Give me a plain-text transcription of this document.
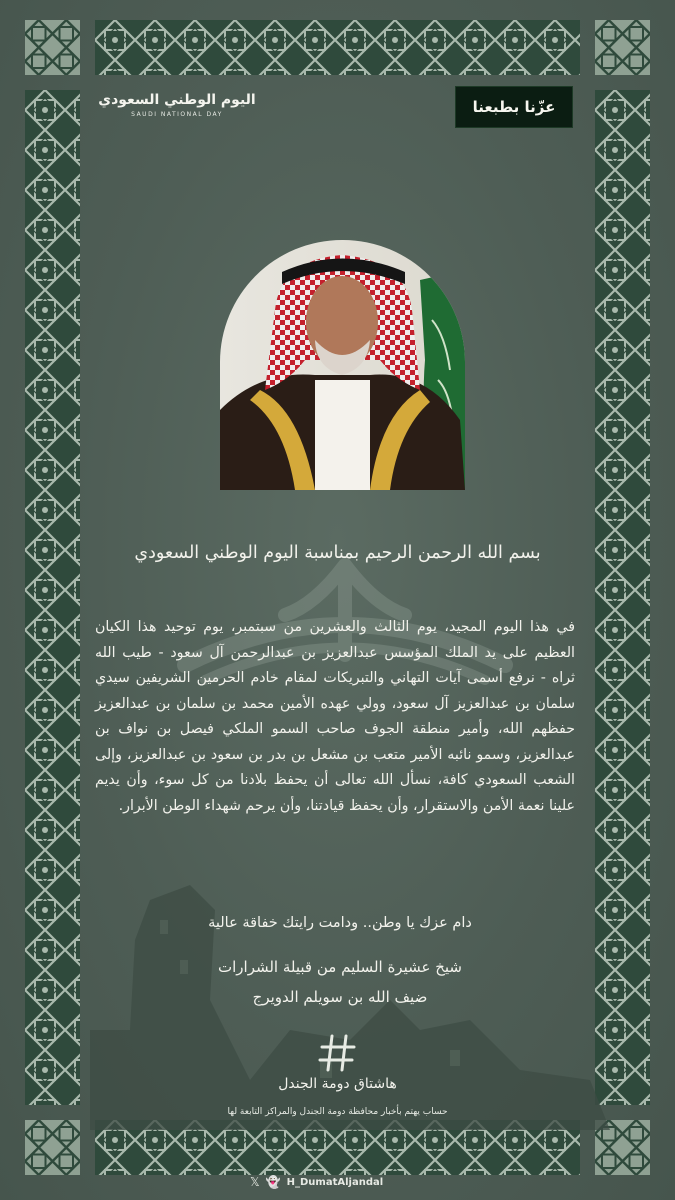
اليوم الوطني السعودي
SAUDI NATIONAL DAY	عزّنا بطبعنا
بسم الله الرحمن الرحيم بمناسبة اليوم الوطني السعودي
في هذا اليوم المجيد، يوم الثالث والعشرين من سبتمبر، يوم توحيد هذا الكيان العظيم على يد الملك المؤسس عبدالعزيز بن عبدالرحمن آل سعود - طيب الله ثراه - نرفع أسمى آيات التهاني والتبريكات لمقام خادم الحرمين الشريفين سيدي سلمان بن عبدالعزيز آل سعود، وولي عهده الأمين محمد بن سلمان بن عبدالعزيز حفظهم الله، وأمير منطقة الجوف صاحب السمو الملكي فيصل بن نواف بن عبدالعزيز، وسمو نائبه الأمير متعب بن مشعل بن بدر بن سعود بن عبدالعزيز، وإلى الشعب السعودي كافة، نسأل الله تعالى أن يحفظ بلادنا من كل سوء، وأن يديم علينا نعمة الأمن والاستقرار، وأن يحفظ قيادتنا، وأن يرحم شهداء الوطن الأبرار.
دام عزك يا وطن.. ودامت رايتك خفاقة عالية
شيخ عشيرة السليم من قبيلة الشرارات
ضيف الله بن سويلم الدويرج
هاشتاق دومة الجندل
حساب يهتم بأخبار محافظة دومة الجندل والمراكز التابعة لها
𝕏 👻 H_DumatAljandal
